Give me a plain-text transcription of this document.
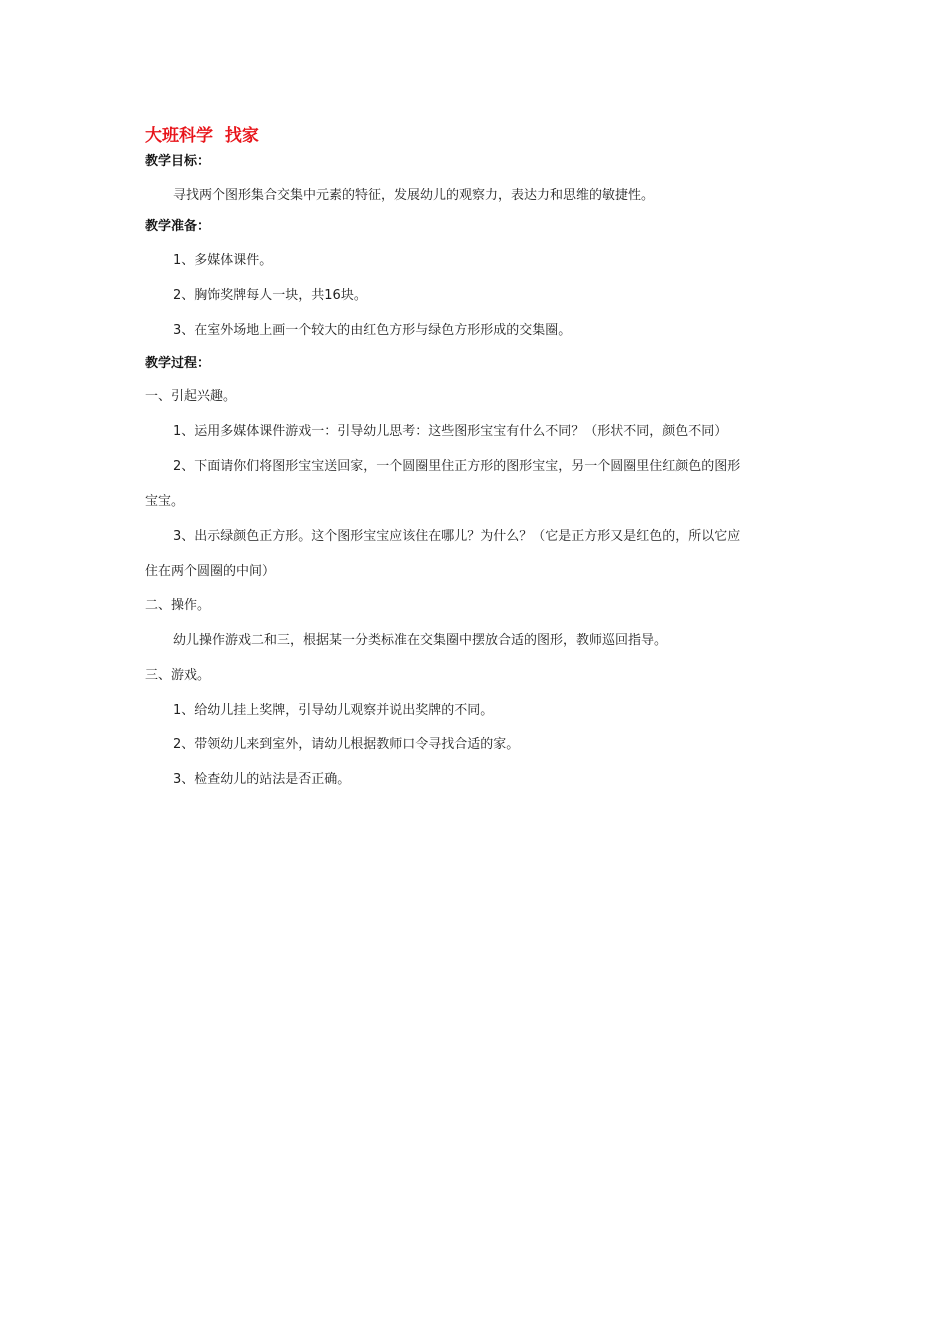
大班科学  找家
教学目标：
寻找两个图形集合交集中元素的特征，发展幼儿的观察力，表达力和思维的敏捷性。
教学准备：
1、多媒体课件。
2、胸饰奖牌每人一块，共16块。
3、在室外场地上画一个较大的由红色方形与绿色方形形成的交集圈。
教学过程：
一、引起兴趣。
1、运用多媒体课件游戏一：引导幼儿思考：这些图形宝宝有什么不同？（形状不同，颜色不同）
2、下面请你们将图形宝宝送回家，一个圆圈里住正方形的图形宝宝，另一个圆圈里住红颜色的图形
宝宝。
3、出示绿颜色正方形。这个图形宝宝应该住在哪儿？为什么？（它是正方形又是红色的，所以它应
住在两个圆圈的中间）
二、操作。
幼儿操作游戏二和三，根据某一分类标准在交集圈中摆放合适的图形，教师巡回指导。
三、游戏。
1、给幼儿挂上奖牌，引导幼儿观察并说出奖牌的不同。
2、带领幼儿来到室外，请幼儿根据教师口令寻找合适的家。
3、检查幼儿的站法是否正确。
